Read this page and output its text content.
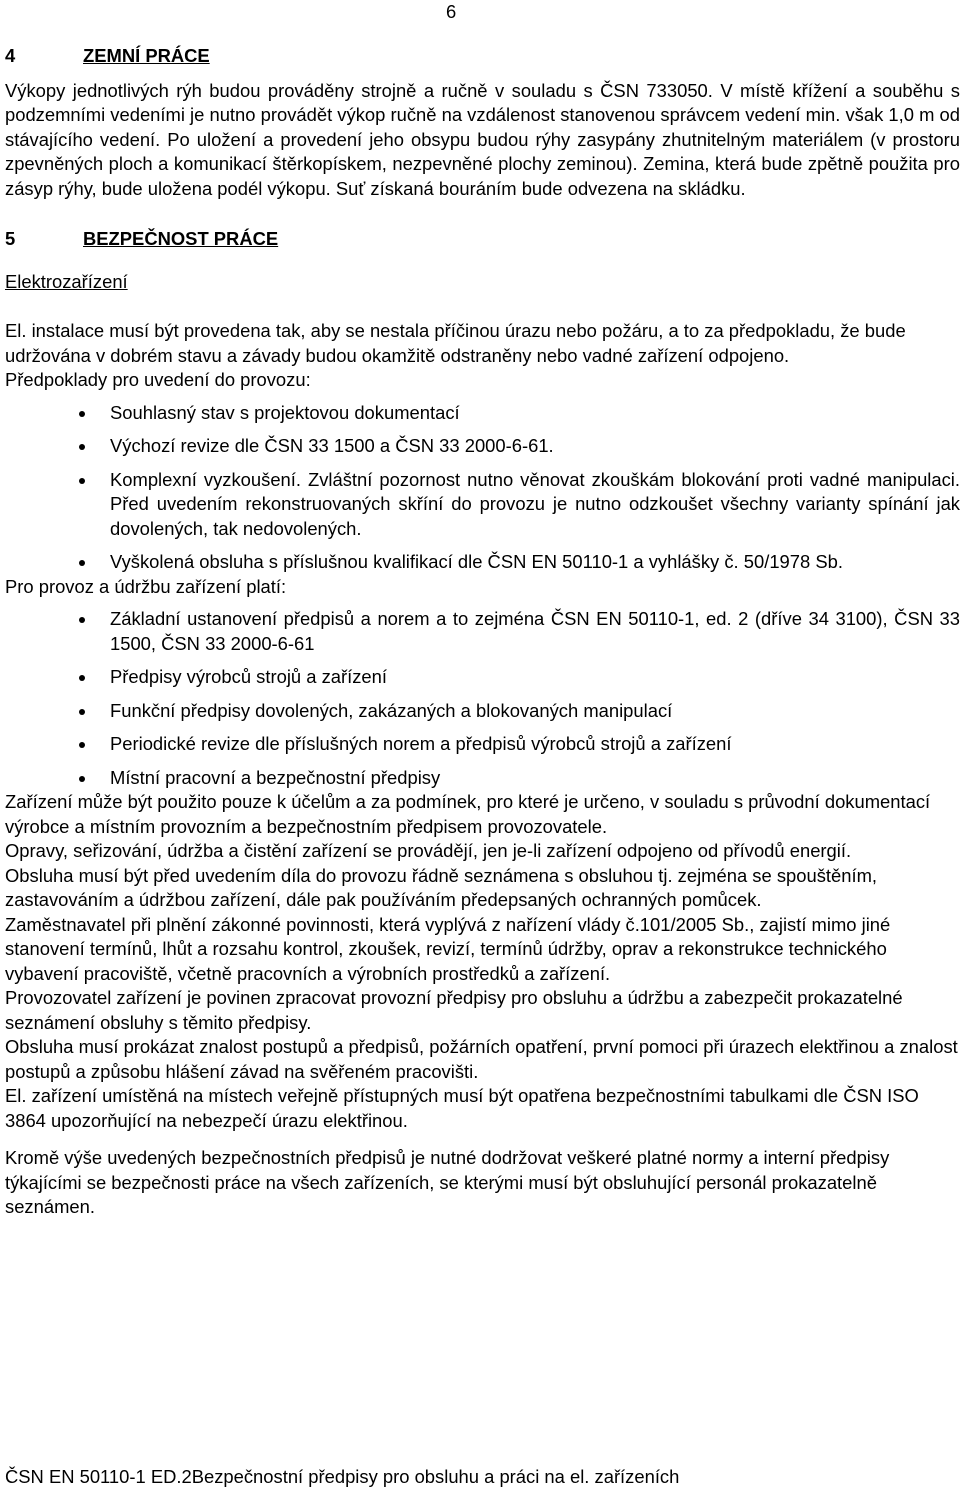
6
4	ZEMNÍ PRÁCE

Výkopy jednotlivých rýh budou prováděny strojně a ručně v souladu s ČSN 733050. V místě křížení a souběhu s podzemními vedeními je nutno provádět výkop ručně na vzdálenost stanovenou správcem vedení min. však 1,0 m od stávajícího vedení. Po uložení a provedení jeho obsypu budou rýhy zasypány zhutnitelným materiálem (v prostoru zpevněných ploch a komunikací štěrkopískem, nezpevněné plochy zeminou). Zemina, která bude zpětně použita pro zásyp rýhy, bude uložena podél výkopu. Suť získaná bouráním bude odvezena na skládku.

5	BEZPEČNOST PRÁCE
Elektrozařízení

El. instalace musí být provedena tak, aby se nestala příčinou úrazu nebo požáru, a to za předpokladu, že bude udržována v dobrém stavu a závady budou okamžitě odstraněny nebo vadné zařízení odpojeno.

Předpoklady pro uvedení do provozu:

Souhlasný stav s projektovou dokumentací
Výchozí revize dle ČSN 33 1500 a ČSN 33 2000-6-61.
Komplexní vyzkoušení. Zvláštní pozornost nutno věnovat zkouškám blokování proti vadné manipulaci. Před uvedením rekonstruovaných skříní do provozu je nutno odzkoušet všechny varianty spínání jak dovolených, tak nedovolených.
Vyškolená obsluha s příslušnou kvalifikací dle ČSN EN 50110-1 a vyhlášky č. 50/1978 Sb.

Pro provoz a údržbu zařízení platí:

Základní ustanovení předpisů a norem a to zejména ČSN EN 50110-1, ed. 2 (dříve 34 3100), ČSN 33 1500, ČSN 33 2000-6-61
Předpisy výrobců strojů a zařízení
Funkční předpisy dovolených, zakázaných a blokovaných manipulací
Periodické revize dle příslušných norem a předpisů výrobců strojů a zařízení
Místní pracovní a bezpečnostní předpisy

Zařízení může být použito pouze k účelům a za podmínek, pro které je určeno, v souladu s průvodní dokumentací výrobce a místním provozním a bezpečnostním předpisem provozovatele.

Opravy, seřizování, údržba a čistění zařízení se provádějí, jen je-li zařízení odpojeno od přívodů energií.

Obsluha musí být před uvedením díla do provozu řádně seznámena s obsluhou tj. zejména se spouštěním, zastavováním a údržbou zařízení, dále pak používáním předepsaných ochranných pomůcek.

Zaměstnavatel při plnění zákonné povinnosti, která vyplývá z nařízení vlády č.101/2005 Sb., zajistí mimo jiné stanovení termínů, lhůt a rozsahu kontrol, zkoušek, revizí, termínů údržby, oprav a rekonstrukce technického vybavení pracoviště, včetně pracovních a výrobních prostředků a zařízení.

Provozovatel zařízení je povinen zpracovat provozní předpisy pro obsluhu a údržbu a zabezpečit prokazatelné seznámení obsluhy s těmito předpisy.

Obsluha musí prokázat znalost postupů a předpisů, požárních opatření, první pomoci při úrazech elektřinou a znalost postupů a způsobu hlášení závad na svěřeném pracovišti.

El. zařízení umístěná na místech veřejně přístupných musí být opatřena bezpečnostními tabulkami dle ČSN ISO 3864 upozorňující na nebezpečí úrazu elektřinou.

Kromě výše uvedených bezpečnostních předpisů je nutné dodržovat veškeré platné normy a interní předpisy týkajícími se bezpečnosti práce na všech zařízeních, se kterými musí být obsluhující personál prokazatelně seznámen.

ČSN EN 50110-1 ED.2Bezpečnostní předpisy pro obsluhu a práci na el. zařízeních
